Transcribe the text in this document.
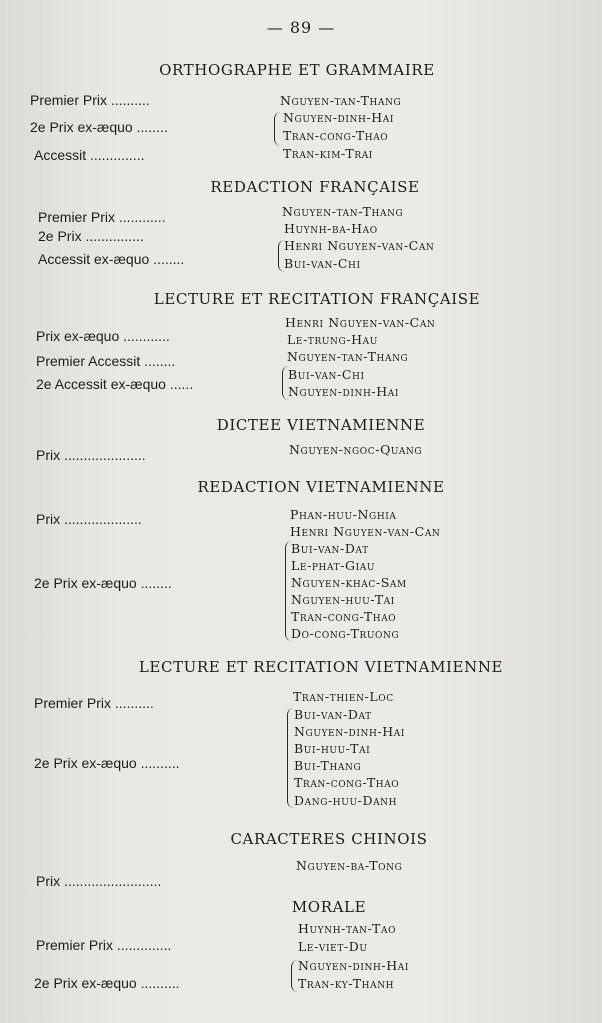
— 89 —
ORTHOGRAPHE ET GRAMMAIRE
Premier Prix ..........
2e Prix ex-æquo ........
Accessit ..............
Nguyen-tan-Thang
Nguyen-dinh-Hai
Tran-cong-Thao
Tran-kim-Trai
REDACTION FRANÇAISE
Premier Prix ............
2e Prix ...............
Accessit ex-æquo ........
Nguyen-tan-Thang
Huynh-ba-Hao
Henri Nguyen-van-Can
Bui-van-Chi
LECTURE ET RECITATION FRANÇAISE
Prix ex-æquo ............
Premier Accessit ........
2e Accessit ex-æquo ......
Henri Nguyen-van-Can
Le-trung-Hau
Nguyen-tan-Thang
Bui-van-Chi
Nguyen-dinh-Hai
DICTEE VIETNAMIENNE
Prix .....................	Nguyen-ngoc-Quang
REDACTION VIETNAMIENNE
Prix ....................
2e Prix ex-æquo ........
Phan-huu-Nghia
Henri Nguyen-van-Can
Bui-van-Dat
Le-phat-Giau
Nguyen-khac-Sam
Nguyen-huu-Tai
Tran-cong-Thao
Do-cong-Truong
LECTURE ET RECITATION VIETNAMIENNE
Premier Prix ..........
2e Prix ex-æquo ..........
Tran-thien-Loc
Bui-van-Dat
Nguyen-dinh-Hai
Bui-huu-Tai
Bui-Thang
Tran-cong-Thao
Dang-huu-Danh
CARACTERES CHINOIS
Prix .........................
Nguyen-ba-Tong
MORALE
Premier Prix ..............
2e Prix ex-æquo ..........
Huynh-tan-Tao
Le-viet-Du
Nguyen-dinh-Hai
Tran-ky-Thanh
